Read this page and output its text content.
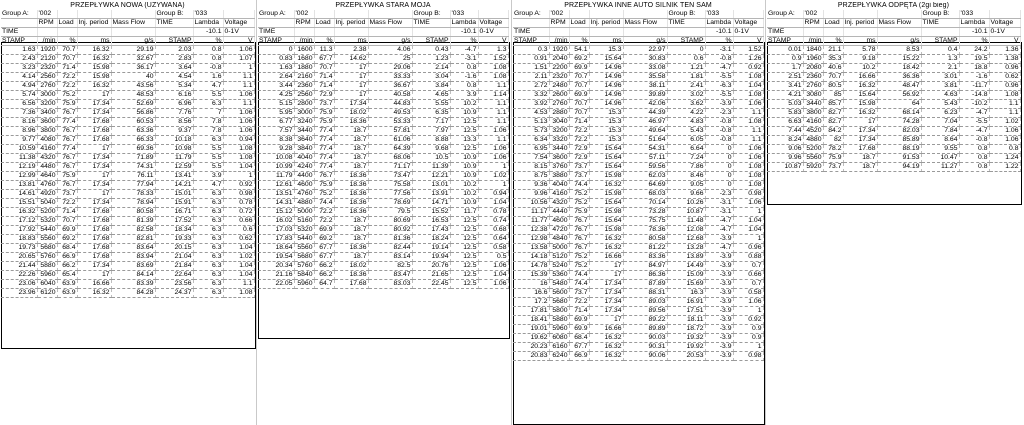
PRZEPŁYWKA NOWA (UŻYWANA)							
Group A:	'002				Group B:	'033	
	RPM	Load	Inj. period	Mass Flow	TIME	Lambda	Voltage
TIME						-10.1	0-1V
STAMP	/min	%	ms	g/s	STAMP	%	V
1.63	1920	70.7	16.32	29.19	2.03	0.8	1.06
2.43	2120	70.7	16.32	32.67	2.83	0.8	1.07
3.23	2320	71.4	15.98	36.17	3.64	-0.8	1
4.14	2560	72.2	15.98	40	4.54	1.6	1.1
4.94	2760	72.2	16.32	43.56	5.34	4.7	1.1
5.74	3000	75.2	17	48.53	6.16	5.5	1.06
6.56	3200	75.9	17.34	52.69	6.96	6.3	1.1
7.36	3400	76.7	17.34	56.86	7.76	7	1.06
8.16	3600	77.4	17.68	60.53	8.56	7.8	1.06
8.96	3800	76.7	17.68	63.36	9.37	7.8	1.06
9.77	4080	76.7	17.68	66.33	10.18	6.3	0.94
10.59	4160	77.4	17	69.36	10.98	5.5	1.08
11.38	4320	76.7	17.34	71.89	11.79	5.5	1.08
12.19	4480	76.7	17.34	74.31	12.59	5.5	1.04
12.99	4640	75.9	17	76.11	13.41	3.9	1
13.81	4760	76.7	17.34	77.94	14.21	4.7	0.92
14.61	4920	73.7	17	78.33	15.01	6.3	0.98
15.51	5040	72.2	17.34	78.94	15.91	6.3	0.78
16.32	5200	71.4	17.68	80.58	16.71	6.3	0.72
17.12	5320	70.7	17.68	81.39	17.52	6.3	0.66
17.92	5440	69.9	17.68	82.58	18.34	6.3	0.6
18.83	5560	69.2	17.68	82.81	19.33	6.3	0.62
19.73	5680	68.4	17.68	83.64	20.15	6.3	1.04
20.65	5760	66.9	17.68	83.94	21.04	6.3	1.02
21.44	5880	66.2	17.34	83.69	21.84	6.3	1.04
22.26	5960	65.4	17	84.14	22.64	6.3	1.04
23.06	6040	63.9	16.66	83.39	23.56	6.3	1.1
23.96	6120	63.9	16.32	84.28	24.37	6.3	1.08
PRZEPŁYWKA STARA MOJA							
Group A:	'002				Group B:	'033	
	RPM	Load	Inj. period	Mass Flow	TIME	Lambda	Voltage
TIME						-10.1	0-1V
STAMP	/min	%	ms	g/s	STAMP	%	V
0	1600	11.3	2.38	4.06	0.43	-4.7	1.3
0.83	1680	67.7	14.62	25	1.23	-3.1	1.52
1.63	1880	70.7	17	29.06	2.14	0.8	1.08
2.64	2160	71.4	17	33.33	3.04	-1.6	1.08
3.44	2360	71.4	17	36.67	3.84	0.8	1.1
4.25	2560	72.9	17	40.58	4.65	3.9	1.14
5.15	2800	73.7	17.34	44.83	5.55	10.2	1.1
5.95	3000	75.9	18.02	49.53	6.35	10.9	1.1
6.77	3240	75.9	18.36	53.33	7.17	12.5	1.1
7.57	3440	77.4	18.7	57.81	7.97	12.5	1.06
8.38	3640	77.4	18.7	61.06	8.88	13.3	1.1
9.28	3840	77.4	18.7	64.39	9.68	12.5	1.06
10.08	4040	77.4	18.7	68.06	10.5	10.9	1.06
10.99	4240	77.4	18.7	71.17	11.39	10.9	1
11.79	4400	76.7	18.36	73.47	12.21	10.9	1.02
12.61	4600	75.9	18.36	75.58	13.01	10.2	1
13.51	4760	75.2	18.36	77.56	13.91	10.2	0.94
14.31	4880	74.4	18.36	78.69	14.71	10.9	1.04
15.12	5000	72.2	18.36	79.5	15.52	11.7	0.78
16.02	5160	72.2	18.7	80.69	16.53	12.5	0.74
17.03	5320	69.9	18.7	80.92	17.43	12.5	0.68
17.83	5440	69.2	18.7	81.36	18.24	12.5	0.64
18.64	5560	67.7	18.36	82.44	19.14	12.5	0.58
19.54	5680	67.7	18.7	83.14	19.94	12.5	0.5
20.34	5760	66.2	18.02	82.5	20.76	12.5	1.06
21.16	5840	66.2	18.36	83.47	21.65	12.5	1.04
22.05	5960	64.7	17.68	83.03	22.45	12.5	1.06
PRZEPŁYWKA INNE AUTO SILNIK TEN SAM							
Group A:	'002				Group B:	'033	
	RPM	Load	Inj. period	Mass Flow	TIME	Lambda	Voltage
TIME						-10.1	0-1V
STAMP	/min	%	ms	g/s	STAMP	%	V
0.3	1920	54.1	15.3	22.97	0	-3.1	1.52
0.91	2040	69.2	15.64	30.83	0.6	-0.8	1.26
1.51	2200	69.9	14.96	33.08	1.21	-4.7	0.92
2.11	2320	70.7	14.96	35.58	1.81	-5.5	1.08
2.72	2480	70.7	14.96	38.11	2.41	-6.3	1.04
3.32	2600	69.9	14.96	39.89	3.02	-5.5	1.08
3.92	2760	70.7	14.96	42.06	3.62	-3.9	1.06
4.53	2880	70.7	15.3	44.39	4.22	-2.3	1.1
5.13	3040	71.4	15.3	46.97	4.83	-0.8	1.08
5.73	3200	72.2	15.3	49.64	5.43	-0.8	1.1
6.34	3320	72.2	15.3	51.64	6.05	-0.8	1.1
6.95	3440	72.9	15.64	54.31	6.64	0	1.06
7.54	3600	72.9	15.64	57.11	7.24	0	1.06
8.15	3760	73.7	15.64	59.56	7.86	0	1.08
8.75	3880	73.7	15.98	62.03	8.46	0	1.08
9.36	4040	74.4	16.32	64.69	9.05	0	1.08
9.96	4160	75.2	15.98	68.03	9.66	-2.3	0.98
10.56	4320	75.2	15.64	70.14	10.26	-3.1	1.06
11.17	4440	75.9	15.98	73.28	10.87	-3.1	1
11.77	4600	76.7	15.64	75.75	11.48	-4.7	1.04
12.38	4720	76.7	15.98	78.36	12.08	-4.7	1.04
12.98	4840	76.7	16.32	80.58	12.68	-3.9	1
13.58	5000	76.7	16.32	81.22	13.28	-4.7	0.96
14.18	5120	75.2	16.66	83.36	13.89	-3.9	0.88
14.78	5240	75.2	17	84.97	14.49	-3.9	0.7
15.39	5360	74.4	17	86.36	15.09	-3.9	0.66
16	5480	74.4	17.34	87.89	15.69	-3.9	0.7
16.6	5600	73.7	17.34	88.31	16.3	-3.9	0.58
17.2	5680	72.2	17.34	89.03	16.91	-3.9	1.06
17.81	5800	71.4	17.34	89.56	17.51	-3.9	1
18.41	5880	69.9	17	89.22	18.11	-3.9	0.92
19.01	5960	69.9	16.66	89.89	18.72	-3.9	0.9
19.62	6080	68.4	16.32	90.03	19.32	-3.9	0.9
20.23	6160	67.7	16.32	90.31	19.92	-3.9	1
20.83	6240	66.9	16.32	90.06	20.53	-3.9	0.98
PRZEPŁYWKA ODPĘTA (2gi bieg)							
Group A:	'002				Group B:	'033	
	RPM	Load	Inj. period	Mass Flow	TIME	Lambda	Voltage
TIME						-10.1	0-1V
STAMP	/min	%	ms	g/s	STAMP	%	V
0.01	1840	21.1	5.78	8.53	0.4	24.2	1.36
0.9	1960	35.3	9.18	15.22	1.3	19.5	1.38
1.7	2080	40.6	10.2	18.42	2.1	18.8	0.96
2.51	2360	70.7	16.66	36.36	3.01	-1.6	0.62
3.41	2760	80.5	16.32	48.47	3.81	-11.7	0.96
4.21	3080	85	15.64	56.92	4.63	-14.8	1.08
5.03	3440	85.7	15.98	64	5.43	-10.2	1.1
5.83	3800	82.7	16.32	68.14	6.23	-4.7	1.1
6.63	4160	82.7	17	74.28	7.04	-5.5	1.02
7.44	4520	84.2	17.34	82.03	7.84	-4.7	1.06
8.24	4880	82	17.34	85.89	8.64	-0.8	1.06
9.06	5200	78.2	17.68	88.19	9.55	0.8	0.8
9.96	5560	75.9	18.7	91.53	10.47	0.8	1.24
10.87	5920	73.7	18.7	94.19	11.27	0.8	1.22
